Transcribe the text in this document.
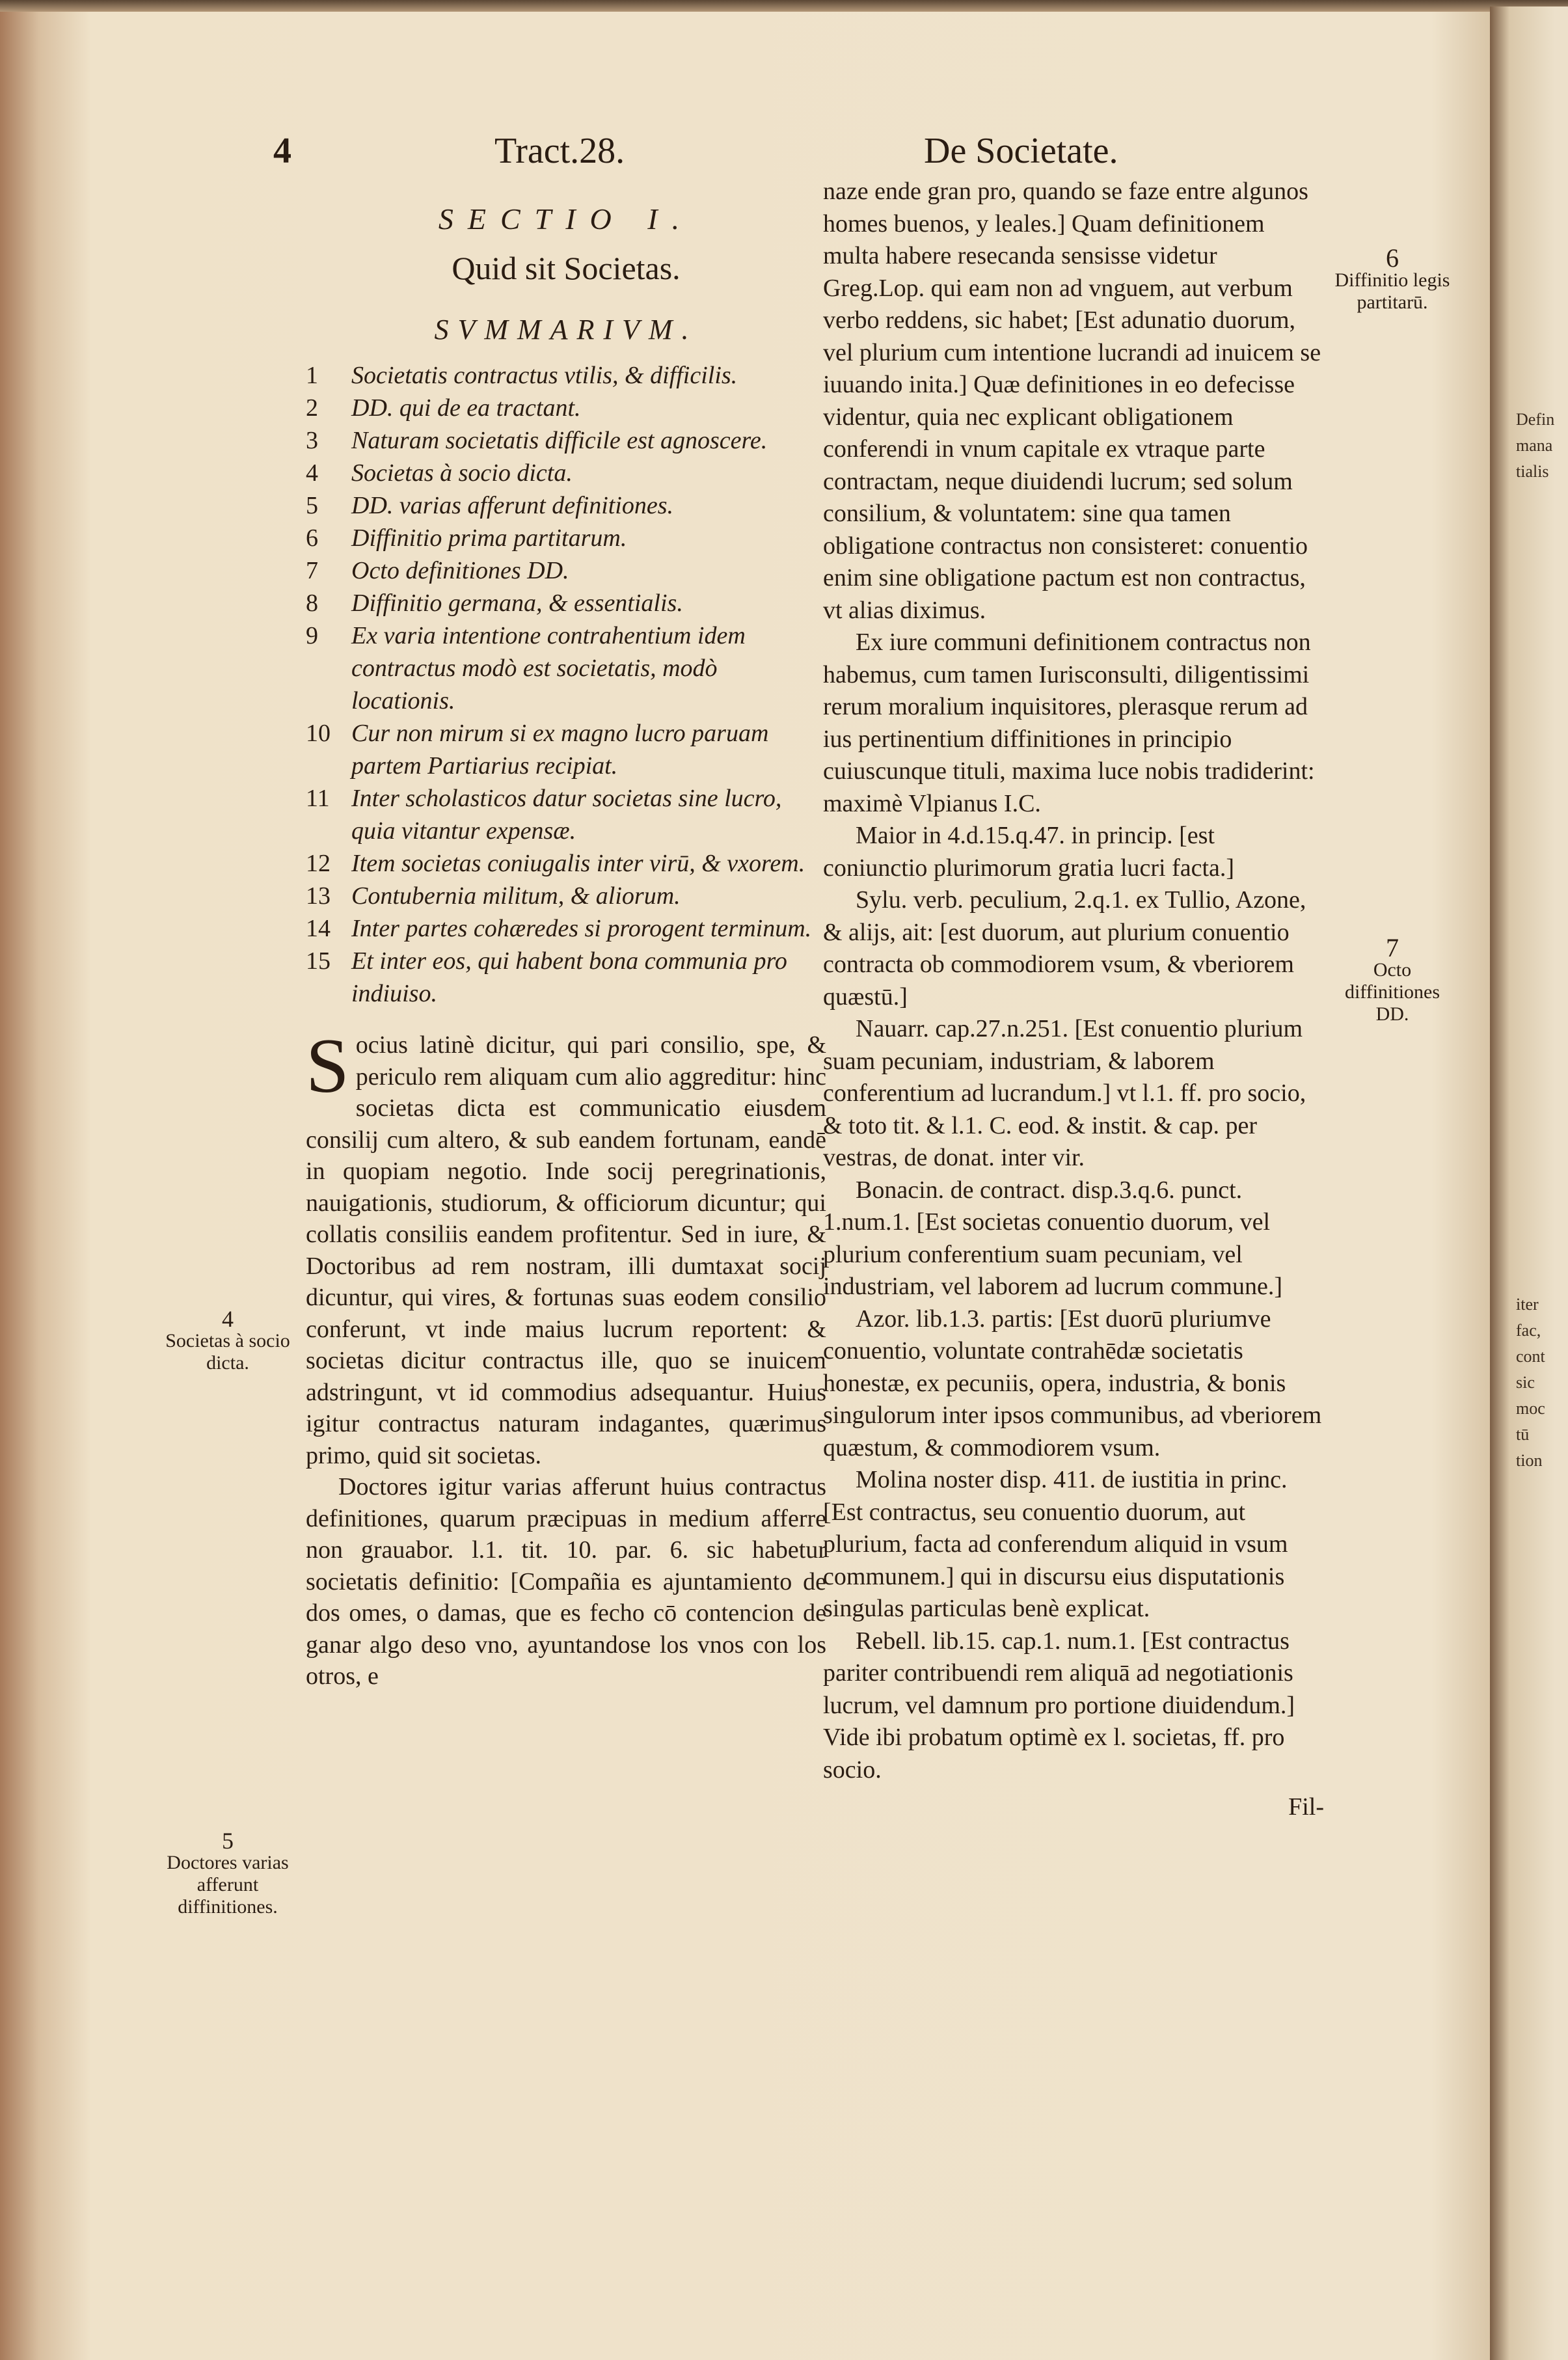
4	Tract.28.	De Societate.
SECTIO I.
Quid sit Societas.
SVMMARIVM.
1	Societatis contractus vtilis, & difficilis.
2	DD. qui de ea tractant.
3	Naturam societatis difficile est agnoscere.
4	Societas à socio dicta.
5	DD. varias afferunt definitiones.
6	Diffinitio prima partitarum.
7	Octo definitiones DD.
8	Diffinitio germana, & essentialis.
9	Ex varia intentione contrahentium idem contractus modò est societatis, modò locationis.
10 Cur non mirum si ex magno lucro paruam partem Partiarius recipiat.
11 Inter scholasticos datur societas sine lucro, quia vitantur expensæ.
12 Item societas coniugalis inter virū, & vxorem.
13 Contubernia militum, & aliorum.
14 Inter partes cohæredes si prorogent terminum.
15 Et inter eos, qui habent bona communia pro indiuiso.

S ocius latinè dicitur, qui pari consilio, spe, & periculo rem aliquam cum alio aggreditur: hinc societas dicta est communicatio eiusdem consilij cum altero, & sub eandem fortunam, eandē in quopiam negotio. Inde socij peregrinationis, nauigationis, studiorum, & officiorum dicuntur; qui collatis consiliis eandem profitentur. Sed in iure, & Doctoribus ad rem nostram, illi dumtaxat socij dicuntur, qui vires, & fortunas suas eodem consilio conferunt, vt inde maius lucrum reportent: & societas dicitur contractus ille, quo se inuicem adstringunt, vt id commodius adsequantur. Huius igitur contractus naturam indagantes, quærimus primo, quid sit societas.

Doctores igitur varias afferunt huius contractus definitiones, quarum præcipuas in medium afferre non grauabor. l.1. tit. 10. par. 6. sic habetur societatis definitio: [Compañia es ajuntamiento de dos omes, o damas, que es fecho cō contencion de ganar algo deso vno, ayuntandose los vnos con los otros, e

4
Societas à socio dicta.
5
Doctores varias afferunt diffinitiones.

naze ende gran pro, quando se faze entre algunos homes buenos, y leales.] Quam definitionem multa habere resecanda sensisse videtur Greg.Lop. qui eam non ad vnguem, aut verbum verbo reddens, sic habet; [Est adunatio duorum, vel plurium cum intentione lucrandi ad inuicem se iuuando inita.] Quæ definitiones in eo defecisse videntur, quia nec explicant obligationem conferendi in vnum capitale ex vtraque parte contractam, neque diuidendi lucrum; sed solum consilium, & voluntatem: sine qua tamen obligatione contractus non consisteret: conuentio enim sine obligatione pactum est non contractus, vt alias diximus.

Ex iure communi definitionem contractus non habemus, cum tamen Iurisconsulti, diligentissimi rerum moralium inquisitores, plerasque rerum ad ius pertinentium diffinitiones in principio cuiuscunque tituli, maxima luce nobis tradiderint: maximè Vlpianus I.C.

Maior in 4.d.15.q.47. in princip. [est coniunctio plurimorum gratia lucri facta.]

Sylu. verb. peculium, 2.q.1. ex Tullio, Azone, & alijs, ait: [est duorum, aut plurium conuentio contracta ob commodiorem vsum, & vberiorem quæstū.]

Nauarr. cap.27.n.251. [Est conuentio plurium suam pecuniam, industriam, & laborem conferentium ad lucrandum.] vt l.1. ff. pro socio, & toto tit. & l.1. C. eod. & instit. & cap. per vestras, de donat. inter vir.

Bonacin. de contract. disp.3.q.6. punct. 1.num.1. [Est societas conuentio duorum, vel plurium conferentium suam pecuniam, vel industriam, vel laborem ad lucrum commune.]

Azor. lib.1.3. partis: [Est duorū pluriumve conuentio, voluntate contrahēdæ societatis honestæ, ex pecuniis, opera, industria, & bonis singulorum inter ipsos communibus, ad vberiorem quæstum, & commodiorem vsum.

Molina noster disp. 411. de iustitia in princ. [Est contractus, seu conuentio duorum, aut plurium, facta ad conferendum aliquid in vsum communem.] qui in discursu eius disputationis singulas particulas benè explicat.

Rebell. lib.15. cap.1. num.1. [Est contractus pariter contribuendi rem aliquā ad negotiationis lucrum, vel damnum pro portione diuidendum.] Vide ibi probatum optimè ex l. societas, ff. pro socio.

Fil-
6
Diffinitio legis partitarū.
7
Octo diffinitiones DD.
Defin
mana
tialis
iter
fac,
cont
sic
moc
tū
tion
